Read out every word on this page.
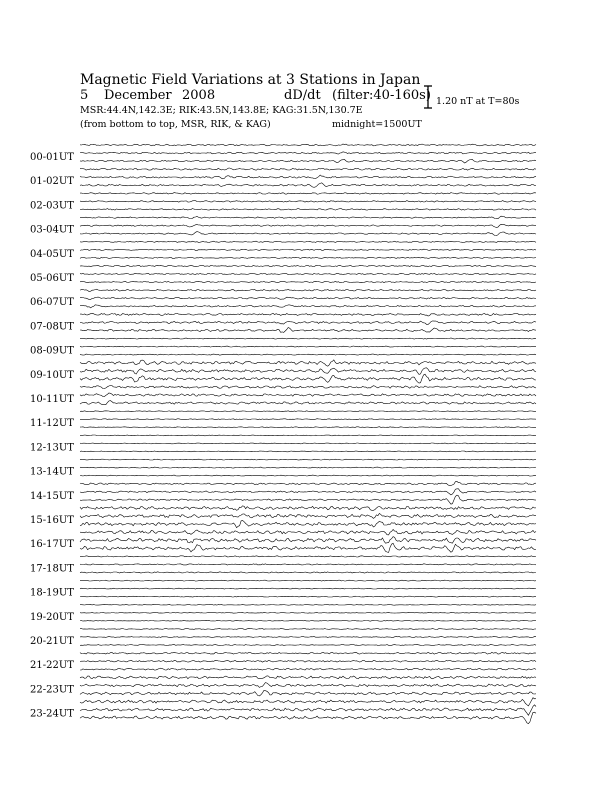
Magnetic Field Variations at 3 Stations in Japan
5 December 2008	dD/dt (filter:40-160s)
MSR:44.4N,142.3E; RIK:43.5N,143.8E; KAG:31.5N,130.7E
(from bottom to top, MSR, RIK, & KAG)	midnight=1500UT
1.20 nT at T=80s
00-01UT
01-02UT
02-03UT
03-04UT
04-05UT
05-06UT
06-07UT
07-08UT
08-09UT
09-10UT
10-11UT
11-12UT
12-13UT
13-14UT
14-15UT
15-16UT
16-17UT
17-18UT
18-19UT
19-20UT
20-21UT
21-22UT
22-23UT
23-24UT
